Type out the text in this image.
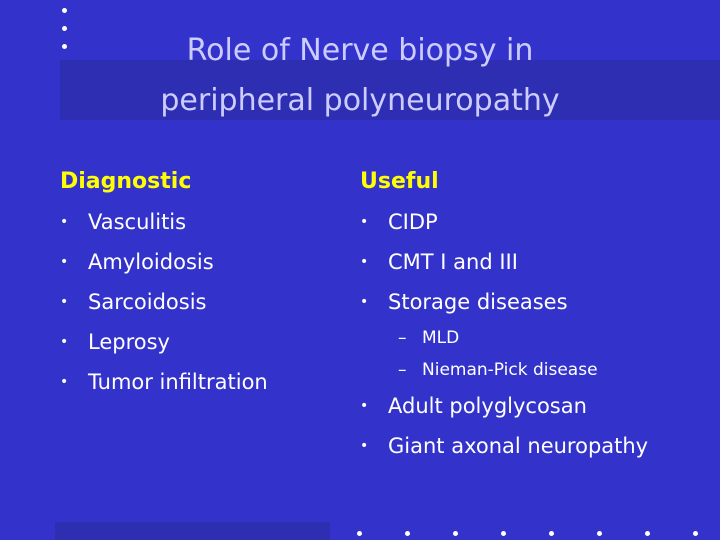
Role of Nerve biopsy in
peripheral polyneuropathy
Diagnostic
• Vasculitis
• Amyloidosis
• Sarcoidosis
• Leprosy
• Tumor infiltration
Useful
• CIDP
• CMT I and III
• Storage diseases
– MLD
– Nieman-Pick disease
• Adult polyglycosan
• Giant axonal neuropathy
